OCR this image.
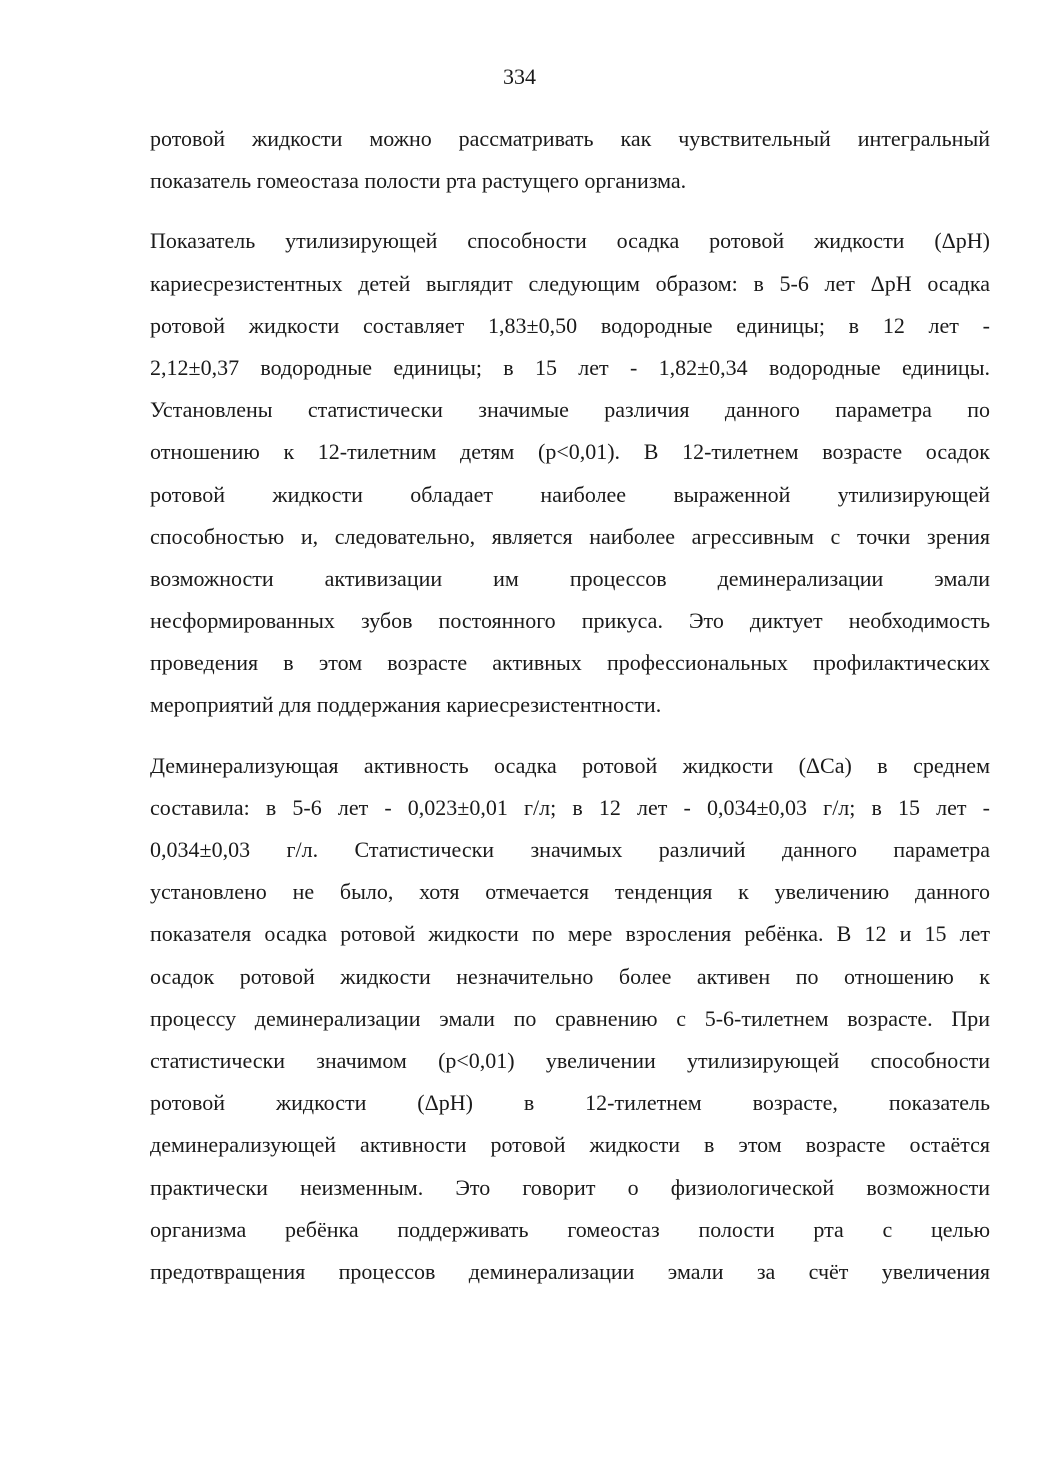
334

ротовой жидкости можно рассматривать как чувствительный интегральный
показатель гомеостаза полости рта растущего организма.

Показатель утилизирующей способности осадка ротовой жидкости (ΔpH)
кариесрезистентных детей выглядит следующим образом: в 5-6 лет ΔpH осадка
ротовой жидкости составляет 1,83±0,50 водородные единицы; в 12 лет -
2,12±0,37 водородные единицы; в 15 лет - 1,82±0,34 водородные единицы.
Установлены статистически значимые различия данного параметра по
отношению к 12-тилетним детям (р<0,01). В 12-тилетнем возрасте осадок
ротовой жидкости обладает наиболее выраженной утилизирующей
способностью и, следовательно, является наиболее агрессивным с точки зрения
возможности активизации им процессов деминерализации эмали
несформированных зубов постоянного прикуса. Это диктует необходимость
проведения в этом возрасте активных профессиональных профилактических
мероприятий для поддержания кариесрезистентности.

Деминерализующая активность осадка ротовой жидкости (ΔCa) в среднем
составила: в 5-6 лет - 0,023±0,01 г/л; в 12 лет - 0,034±0,03 г/л; в 15 лет -
0,034±0,03 г/л. Статистически значимых различий данного параметра
установлено не было, хотя отмечается тенденция к увеличению данного
показателя осадка ротовой жидкости по мере взросления ребёнка. В 12 и 15 лет
осадок ротовой жидкости незначительно более активен по отношению к
процессу деминерализации эмали по сравнению с 5-6-тилетнем возрасте. При
статистически значимом (р<0,01) увеличении утилизирующей способности
ротовой жидкости (ΔpH) в 12-тилетнем возрасте, показатель
деминерализующей активности ротовой жидкости в этом возрасте остаётся
практически неизменным. Это говорит о физиологической возможности
организма ребёнка поддерживать гомеостаз полости рта с целью
предотвращения процессов деминерализации эмали за счёт увеличения
